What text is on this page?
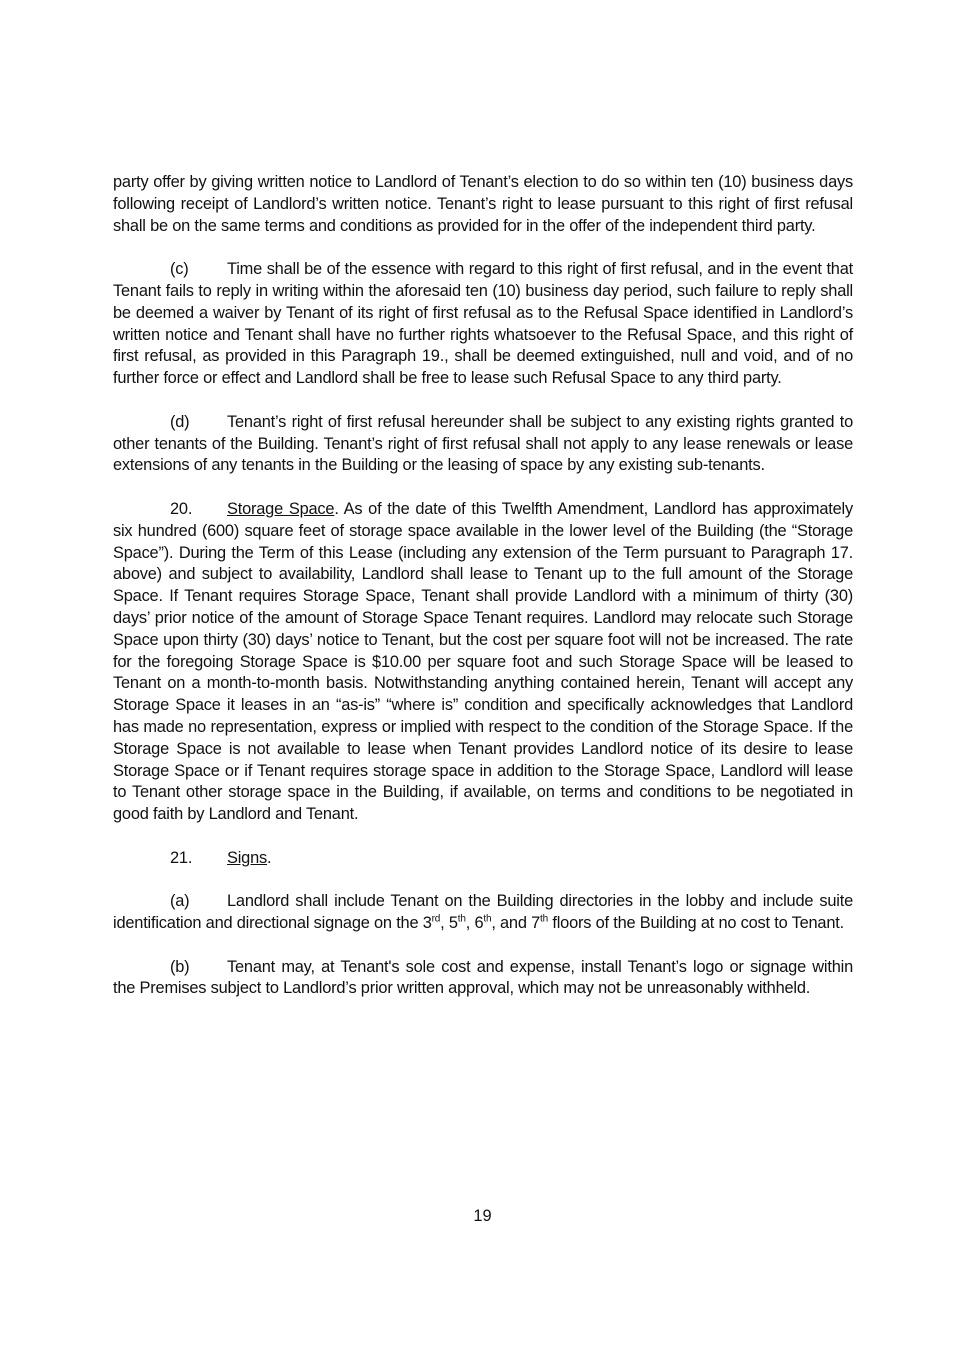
party offer by giving written notice to Landlord of Tenant’s election to do so within ten (10) business days following receipt of Landlord’s written notice. Tenant’s right to lease pursuant to this right of first refusal shall be on the same terms and conditions as provided for in the offer of the independent third party.

(c) Time shall be of the essence with regard to this right of first refusal, and in the event that Tenant fails to reply in writing within the aforesaid ten (10) business day period, such failure to reply shall be deemed a waiver by Tenant of its right of first refusal as to the Refusal Space identified in Landlord’s written notice and Tenant shall have no further rights whatsoever to the Refusal Space, and this right of first refusal, as provided in this Paragraph 19., shall be deemed extinguished, null and void, and of no further force or effect and Landlord shall be free to lease such Refusal Space to any third party.

(d) Tenant’s right of first refusal hereunder shall be subject to any existing rights granted to other tenants of the Building. Tenant’s right of first refusal shall not apply to any lease renewals or lease extensions of any tenants in the Building or the leasing of space by any existing sub-tenants.

20. Storage Space. As of the date of this Twelfth Amendment, Landlord has approximately six hundred (600) square feet of storage space available in the lower level of the Building (the “Storage Space”). During the Term of this Lease (including any extension of the Term pursuant to Paragraph 17. above) and subject to availability, Landlord shall lease to Tenant up to the full amount of the Storage Space. If Tenant requires Storage Space, Tenant shall provide Landlord with a minimum of thirty (30) days’ prior notice of the amount of Storage Space Tenant requires. Landlord may relocate such Storage Space upon thirty (30) days’ notice to Tenant, but the cost per square foot will not be increased. The rate for the foregoing Storage Space is $10.00 per square foot and such Storage Space will be leased to Tenant on a month-to-month basis. Notwithstanding anything contained herein, Tenant will accept any Storage Space it leases in an “as-is” “where is” condition and specifically acknowledges that Landlord has made no representation, express or implied with respect to the condition of the Storage Space. If the Storage Space is not available to lease when Tenant provides Landlord notice of its desire to lease Storage Space or if Tenant requires storage space in addition to the Storage Space, Landlord will lease to Tenant other storage space in the Building, if available, on terms and conditions to be negotiated in good faith by Landlord and Tenant.

21. Signs.

(a) Landlord shall include Tenant on the Building directories in the lobby and include suite identification and directional signage on the 3rd, 5th, 6th, and 7th floors of the Building at no cost to Tenant.

(b) Tenant may, at Tenant's sole cost and expense, install Tenant’s logo or signage within the Premises subject to Landlord’s prior written approval, which may not be unreasonably withheld.

19
